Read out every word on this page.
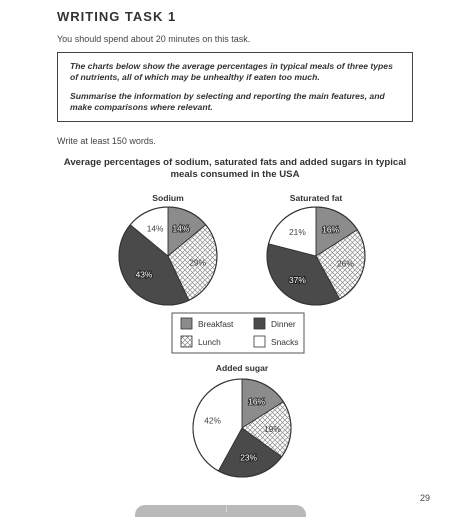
WRITING TASK 1
You should spend about 20 minutes on this task.

The charts below show the average percentages in typical meals of three types of nutrients, all of which may be unhealthy if eaten too much.

Summarise the information by selecting and reporting the main features, and make comparisons where relevant.

Write at least 150 words.
Average percentages of sodium, saturated fats and added sugars in typical meals consumed in the USA
Sodium	Saturated fat
Added sugar
14%
29%
43%
14%	16%
26%
37%
21%
16%
19%
23%
42%
Breakfast	Dinner
Lunch	Snacks
29
